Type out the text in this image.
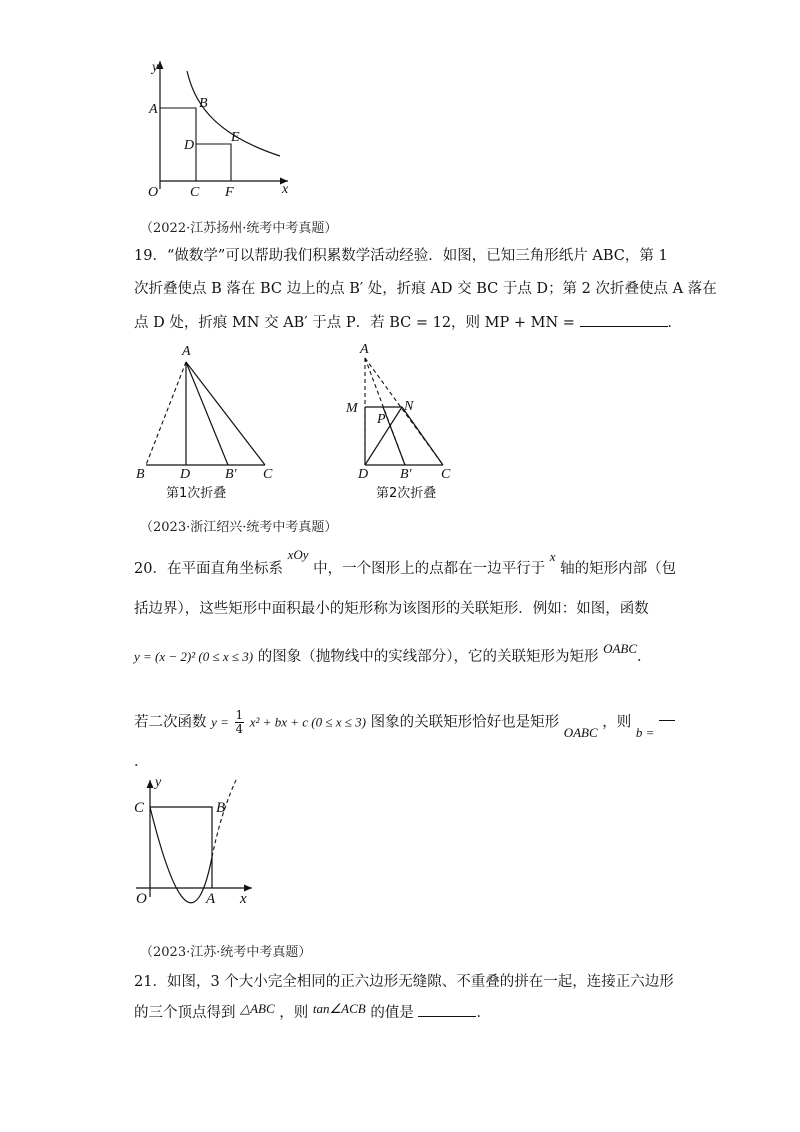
y
A	B
D
E
O C F	x
（2022·江苏扬州·统考中考真题）
19．“做数学”可以帮助我们积累数学活动经验．如图，已知三角形纸片 ABC，第 1
次折叠使点 B 落在 BC 边上的点 B′ 处，折痕 AD 交 BC 于点 D；第 2 次折叠使点 A 落在
点 D 处，折痕 MN 交 AB′ 于点 P．若 BC = 12，则 MP + MN =	．
A
B	D B′ C
第1次折叠
A
M	N
P
D B′ C
第2次折叠
（2023·浙江绍兴·统考中考真题）
20．在平面直角坐标系 xOy 中，一个图形上的点都在一边平行于 x 轴的矩形内部（包
括边界），这些矩形中面积最小的矩形称为该图形的关联矩形．例如：如图，函数
y = (x − 2)² (0 ≤ x ≤ 3) 的图象（抛物线中的实线部分），它的关联矩形为矩形 OABC．
若二次函数 $y = \frac{1}{4} x^2$ + bx + c (0 ≤ x ≤ 3) 图象的关联矩形恰好也是矩形 OABC ，则 b =
．
y
C	B
O	A x
（2023·江苏·统考中考真题）
21．如图，3 个大小完全相同的正六边形无缝隙、不重叠的拼在一起，连接正六边形
的三个顶点得到 △ABC ，则 tan∠ACB 的值是	．
